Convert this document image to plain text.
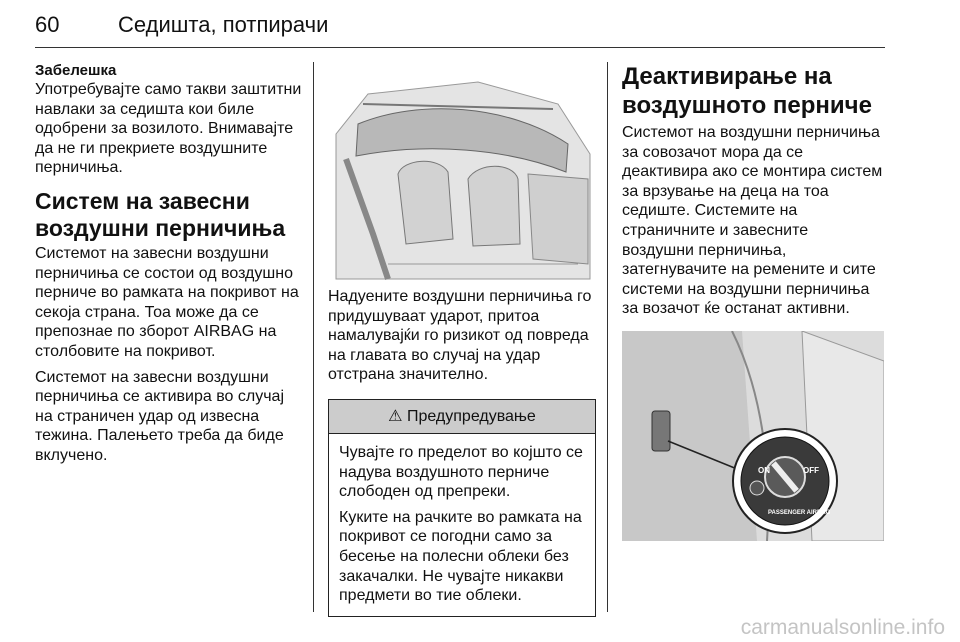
60	Седишта, потпирачи

Забелешка

Употребувајте само такви заштитни навлаки за седишта кои биле одобрени за возилото. Внимавајте да не ги прекриете воздушните перничиња.

Систем на завесни воздушни перничиња

Системот на завесни воздушни перничиња се состои од воздушно перниче во рамката на покривот на секоја страна. Тоа може да се препознае по зборот AIRBAG на столбовите на покривот.

Системот на завесни воздушни перничиња се активира во случај на страничен удар од извесна тежина. Палењето треба да биде вклучено.

Надуените воздушни перничиња го придушуваат ударот, притоа намалувајќи го ризикот од повреда на главата во случај на удар отстрана значително.

⚠ Предупредување

Чувајте го пределот во којшто се надува воздушното перниче слободен од препреки.

Куките на рачките во рамката на покривот се погодни само за бесење на полесни облеки без закачалки. Не чувајте никакви предмети во тие облеки.

Деактивирање на воздушното перниче

Системот на воздушни перничиња за совозачот мора да се деактивира ако се монтира систем за врзување на деца на тоа седиште. Системите на страничните и завесните воздушни перничиња, затегнувачите на ремените и сите системи на воздушни перничиња за возачот ќе останат активни.

ON	OFF
PASSENGER AIRBAG
carmanualsonline.info
